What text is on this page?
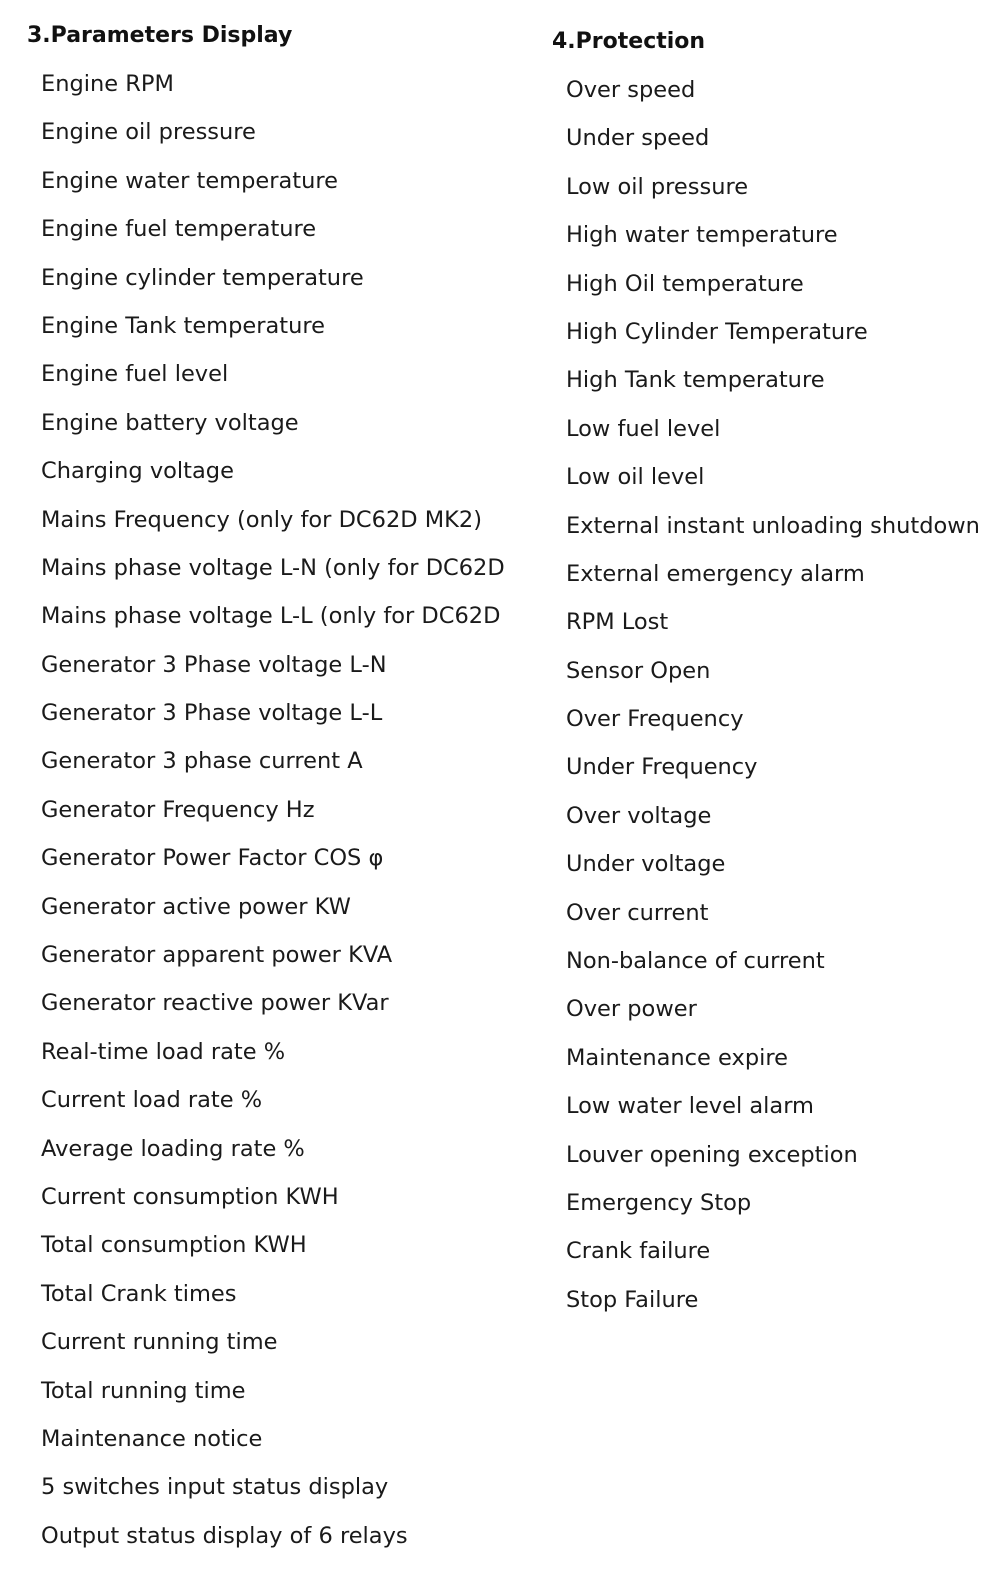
3.Parameters Display
Engine RPM
Engine oil pressure
Engine water temperature
Engine fuel temperature
Engine cylinder temperature
Engine Tank temperature
Engine fuel level
Engine battery voltage
Charging voltage
Mains Frequency (only for DC62D MK2)
Mains phase voltage L-N (only for DC62D
Mains phase voltage L-L (only for DC62D
Generator 3 Phase voltage L-N
Generator 3 Phase voltage L-L
Generator 3 phase current A
Generator Frequency Hz
Generator Power Factor COS φ
Generator active power KW
Generator apparent power KVA
Generator reactive power KVar
Real-time load rate %
Current load rate %
Average loading rate %
Current consumption KWH
Total consumption KWH
Total Crank times
Current running time
Total running time
Maintenance notice
5 switches input status display
Output status display of 6 relays
4.Protection
Over speed
Under speed
Low oil pressure
High water temperature
High Oil temperature
High Cylinder Temperature
High Tank temperature
Low fuel level
Low oil level
External instant unloading shutdown
External emergency alarm
RPM Lost
Sensor Open
Over Frequency
Under Frequency
Over voltage
Under voltage
Over current
Non-balance of current
Over power
Maintenance expire
Low water level alarm
Louver opening exception
Emergency Stop
Crank failure
Stop Failure
